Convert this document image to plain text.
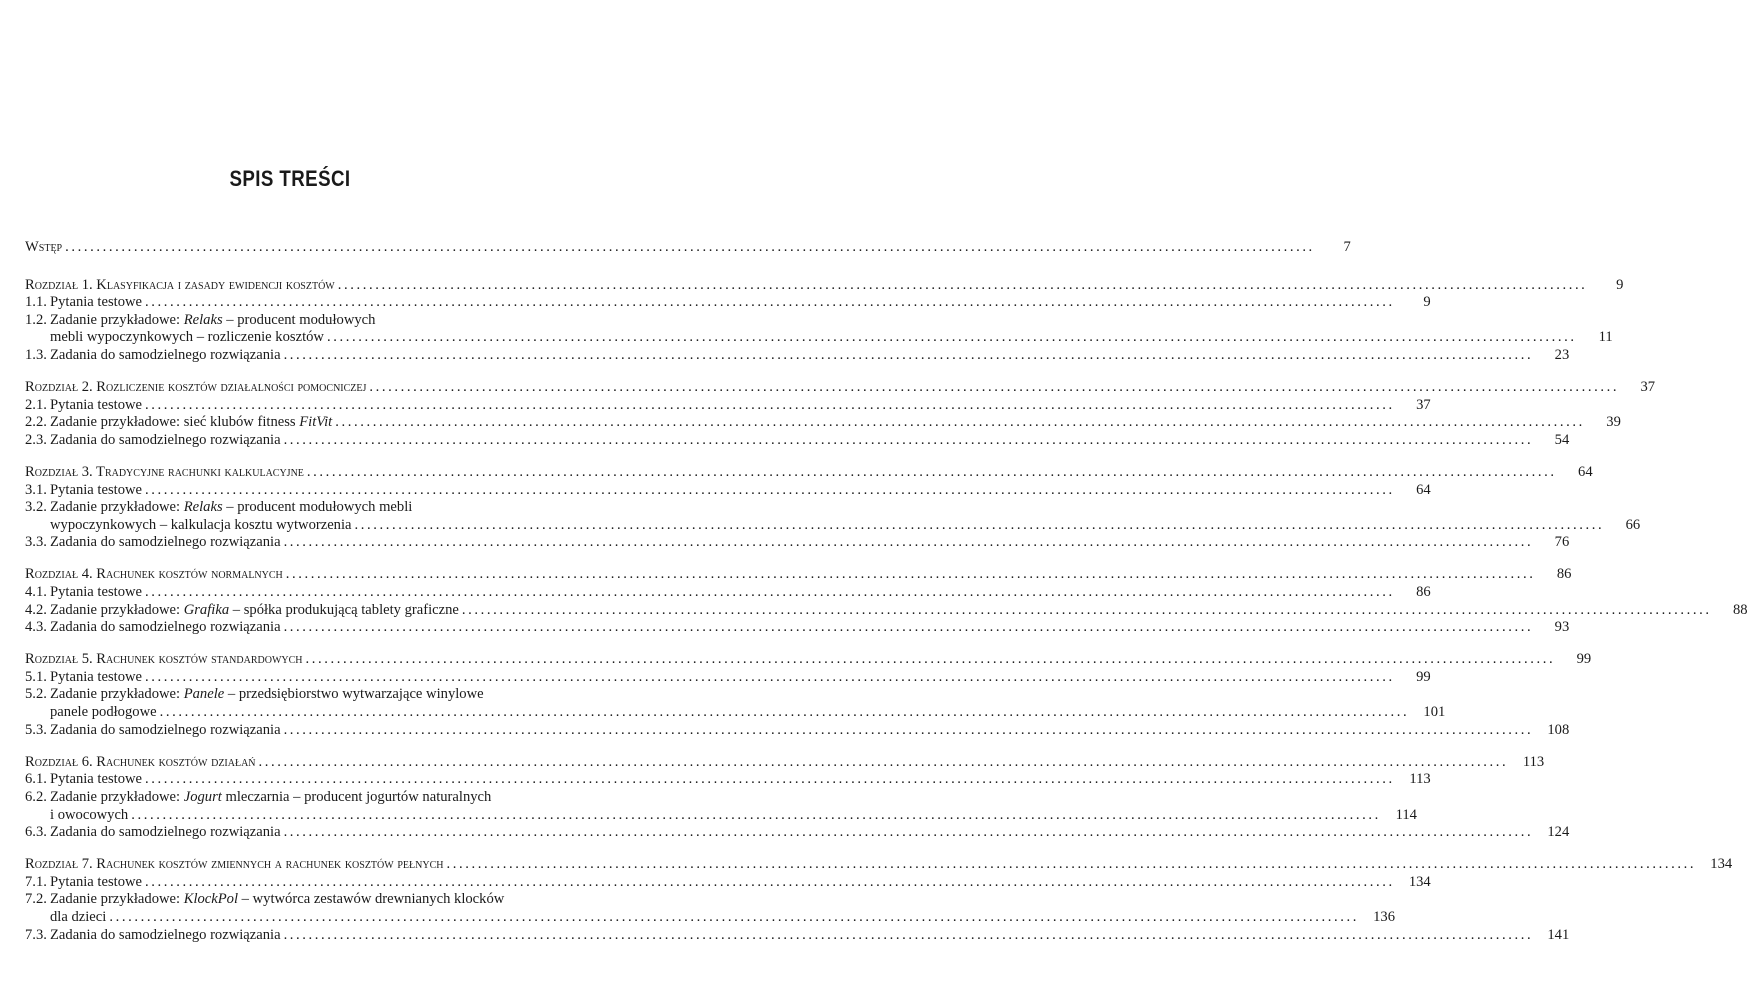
SPIS TREŚCI
Wstęp ........................................................................................................................................................................................................	7
Rozdział 1. Klasyfikacja i zasady ewidencji kosztów ........................................................................................................................................................................................................	9
1.1. Pytania testowe ........................................................................................................................................................................................................	9
1.2. Zadanie przykładowe: Relaks – producent modułowych
mebli wypoczynkowych – rozliczenie kosztów ........................................................................................................................................................................................................	11
1.3. Zadania do samodzielnego rozwiązania ........................................................................................................................................................................................................	23
Rozdział 2. Rozliczenie kosztów działalności pomocniczej ........................................................................................................................................................................................................	37
2.1. Pytania testowe ........................................................................................................................................................................................................	37
2.2. Zadanie przykładowe: sieć klubów fitness FitVit ........................................................................................................................................................................................................	39
2.3. Zadania do samodzielnego rozwiązania ........................................................................................................................................................................................................	54
Rozdział 3. Tradycyjne rachunki kalkulacyjne ........................................................................................................................................................................................................	64
3.1. Pytania testowe ........................................................................................................................................................................................................	64
3.2. Zadanie przykładowe: Relaks – producent modułowych mebli
wypoczynkowych – kalkulacja kosztu wytworzenia ........................................................................................................................................................................................................	66
3.3. Zadania do samodzielnego rozwiązania ........................................................................................................................................................................................................	76
Rozdział 4. Rachunek kosztów normalnych ........................................................................................................................................................................................................	86
4.1. Pytania testowe ........................................................................................................................................................................................................	86
4.2. Zadanie przykładowe: Grafika – spółka produkującą tablety graficzne ........................................................................................................................................................................................................	88
4.3. Zadania do samodzielnego rozwiązania ........................................................................................................................................................................................................	93
Rozdział 5. Rachunek kosztów standardowych ........................................................................................................................................................................................................	99
5.1. Pytania testowe ........................................................................................................................................................................................................	99
5.2. Zadanie przykładowe: Panele – przedsiębiorstwo wytwarzające winylowe
panele podłogowe ........................................................................................................................................................................................................ 101
5.3. Zadania do samodzielnego rozwiązania ........................................................................................................................................................................................................ 108
Rozdział 6. Rachunek kosztów działań ........................................................................................................................................................................................................	113
6.1. Pytania testowe ........................................................................................................................................................................................................	113
6.2. Zadanie przykładowe: Jogurt mleczarnia – producent jogurtów naturalnych
i owocowych ........................................................................................................................................................................................................	114
6.3. Zadania do samodzielnego rozwiązania ........................................................................................................................................................................................................ 124
Rozdział 7. Rachunek kosztów zmiennych a rachunek kosztów pełnych ........................................................................................................................................................................................................ 134
7.1. Pytania testowe ........................................................................................................................................................................................................ 134
7.2. Zadanie przykładowe: KlockPol – wytwórca zestawów drewnianych klocków
dla dzieci ........................................................................................................................................................................................................ 136
7.3. Zadania do samodzielnego rozwiązania ........................................................................................................................................................................................................ 141
